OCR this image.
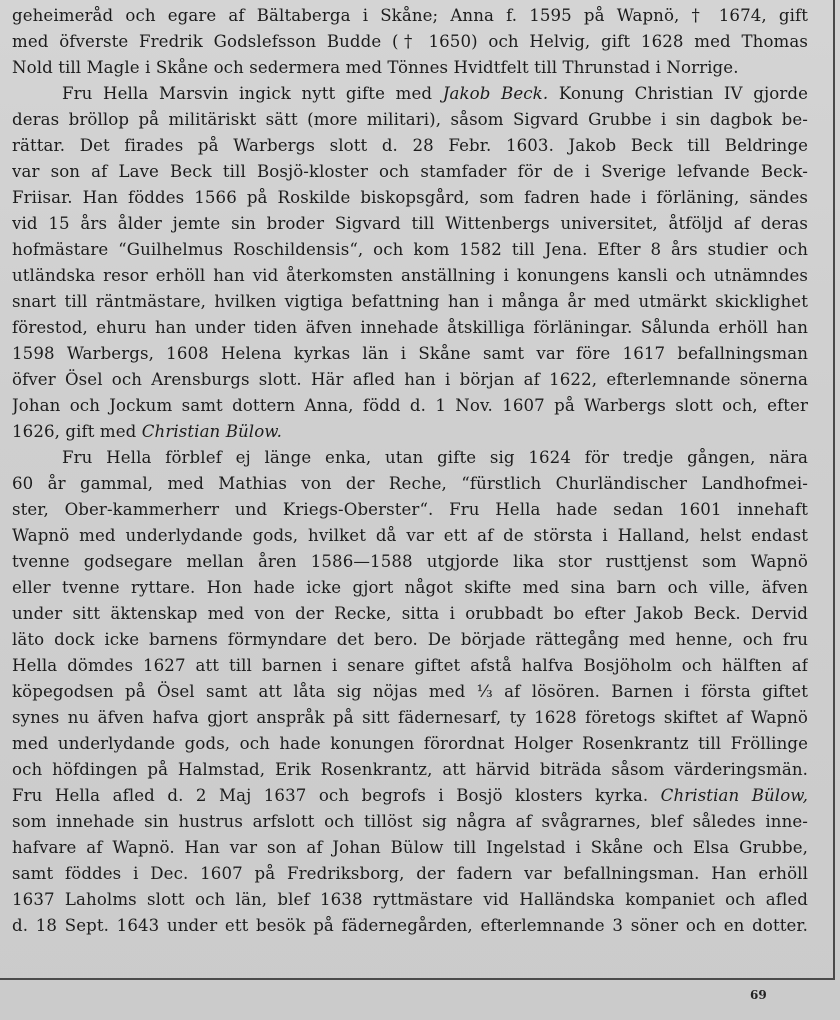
geheimeråd och egare af Bältaberga i Skåne; Anna f. 1595 på Wapnö, † 1674, gift
med öfverste Fredrik Godslefsson Budde († 1650) och Helvig, gift 1628 med Thomas
Nold till Magle i Skåne och sedermera med Tönnes Hvidtfelt till Thrunstad i Norrige.
Fru Hella Marsvin ingick nytt gifte med Jakob Beck. Konung Christian IV gjorde
deras bröllop på militäriskt sätt (more militari), såsom Sigvard Grubbe i sin dagbok be-
rättar. Det firades på Warbergs slott d. 28 Febr. 1603. Jakob Beck till Beldringe
var son af Lave Beck till Bosjö-kloster och stamfader för de i Sverige lefvande Beck-
Friisar. Han föddes 1566 på Roskilde biskopsgård, som fadren hade i förläning, sändes
vid 15 års ålder jemte sin broder Sigvard till Wittenbergs universitet, åtföljd af deras
hofmästare “Guilhelmus Roschildensis“, och kom 1582 till Jena. Efter 8 års studier och
utländska resor erhöll han vid återkomsten anställning i konungens kansli och utnämndes
snart till räntmästare, hvilken vigtiga befattning han i många år med utmärkt skicklighet
förestod, ehuru han under tiden äfven innehade åtskilliga förläningar. Sålunda erhöll han
1598 Warbergs, 1608 Helena kyrkas län i Skåne samt var före 1617 befallningsman
öfver Ösel och Arensburgs slott. Här afled han i början af 1622, efterlemnande sönerna
Johan och Jockum samt dottern Anna, född d. 1 Nov. 1607 på Warbergs slott och, efter
1626, gift med Christian Bülow.
Fru Hella förblef ej länge enka, utan gifte sig 1624 för tredje gången, nära
60 år gammal, med Mathias von der Reche, “fürstlich Churländischer Landhofmei-
ster, Ober-kammerherr und Kriegs-Oberster“. Fru Hella hade sedan 1601 innehaft
Wapnö med underlydande gods, hvilket då var ett af de största i Halland, helst endast
tvenne godsegare mellan åren 1586—1588 utgjorde lika stor rusttjenst som Wapnö
eller tvenne ryttare. Hon hade icke gjort något skifte med sina barn och ville, äfven
under sitt äktenskap med von der Recke, sitta i orubbadt bo efter Jakob Beck. Dervid
läto dock icke barnens förmyndare det bero. De började rättegång med henne, och fru
Hella dömdes 1627 att till barnen i senare giftet afstå halfva Bosjöholm och hälften af
köpegodsen på Ösel samt att låta sig nöjas med ⅓ af lösören. Barnen i första giftet
synes nu äfven hafva gjort anspråk på sitt fädernesarf, ty 1628 företogs skiftet af Wapnö
med underlydande gods, och hade konungen förordnat Holger Rosenkrantz till Fröllinge
och höfdingen på Halmstad, Erik Rosenkrantz, att härvid biträda såsom värderingsmän.
Fru Hella afled d. 2 Maj 1637 och begrofs i Bosjö klosters kyrka. Christian Bülow,
som innehade sin hustrus arfslott och tillöst sig några af svågrarnes, blef således inne-
hafvare af Wapnö. Han var son af Johan Bülow till Ingelstad i Skåne och Elsa Grubbe,
samt föddes i Dec. 1607 på Fredriksborg, der fadern var befallningsman. Han erhöll
1637 Laholms slott och län, blef 1638 ryttmästare vid Halländska kompaniet och afled
d. 18 Sept. 1643 under ett besök på fädernegården, efterlemnande 3 söner och en dotter.
69
